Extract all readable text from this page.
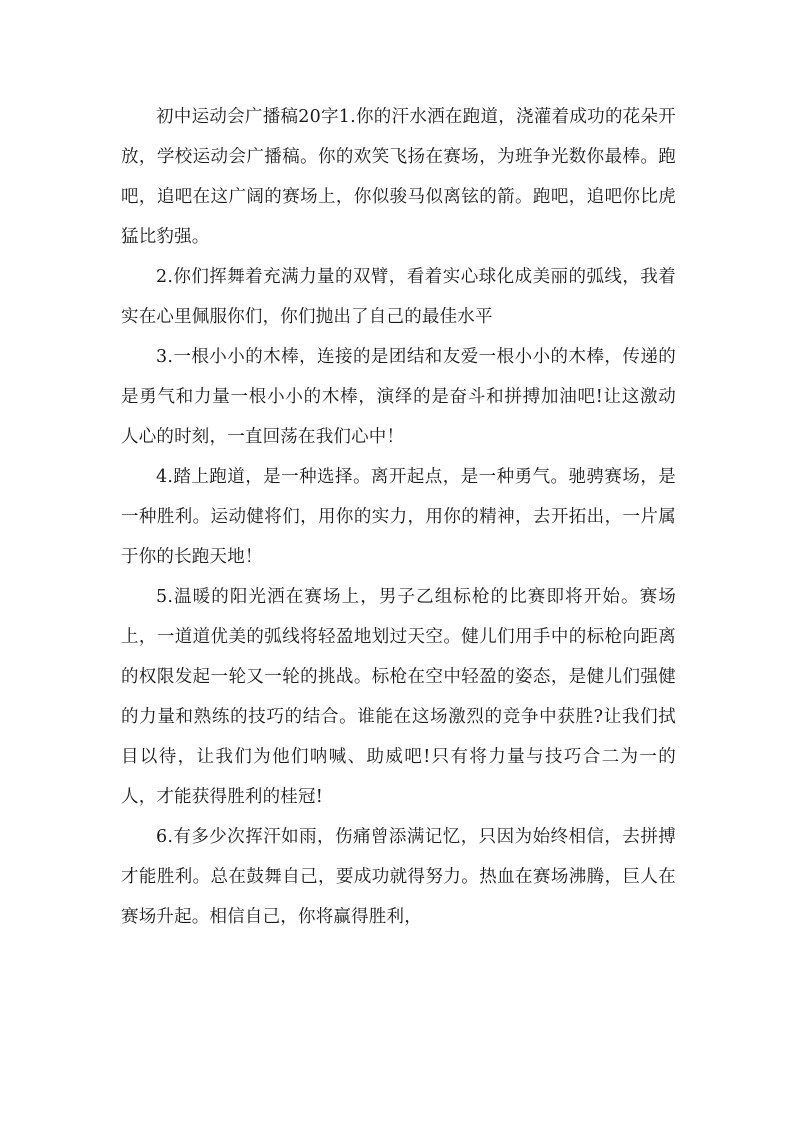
初中运动会广播稿20字1.你的汗水洒在跑道，浇灌着成功的花朵开放，学校运动会广播稿。你的欢笑飞扬在赛场，为班争光数你最棒。跑吧，追吧在这广阔的赛场上，你似骏马似离铉的箭。跑吧，追吧你比虎猛比豹强。

2.你们挥舞着充满力量的双臂，看着实心球化成美丽的弧线，我着实在心里佩服你们，你们抛出了自己的最佳水平

3.一根小小的木棒，连接的是团结和友爱一根小小的木棒，传递的是勇气和力量一根小小的木棒，演绎的是奋斗和拼搏加油吧!让这激动人心的时刻，一直回荡在我们心中！

4.踏上跑道，是一种选择。离开起点，是一种勇气。驰骋赛场，是一种胜利。运动健将们，用你的实力，用你的精神，去开拓出，一片属于你的长跑天地！

5.温暖的阳光洒在赛场上，男子乙组标枪的比赛即将开始。赛场上，一道道优美的弧线将轻盈地划过天空。健儿们用手中的标枪向距离的权限发起一轮又一轮的挑战。标枪在空中轻盈的姿态，是健儿们强健的力量和熟练的技巧的结合。谁能在这场激烈的竞争中获胜?让我们拭目以待，让我们为他们呐喊、助威吧!只有将力量与技巧合二为一的人，才能获得胜利的桂冠!

6.有多少次挥汗如雨，伤痛曾添满记忆，只因为始终相信，去拼搏才能胜利。总在鼓舞自己，要成功就得努力。热血在赛场沸腾，巨人在赛场升起。相信自己，你将赢得胜利，
